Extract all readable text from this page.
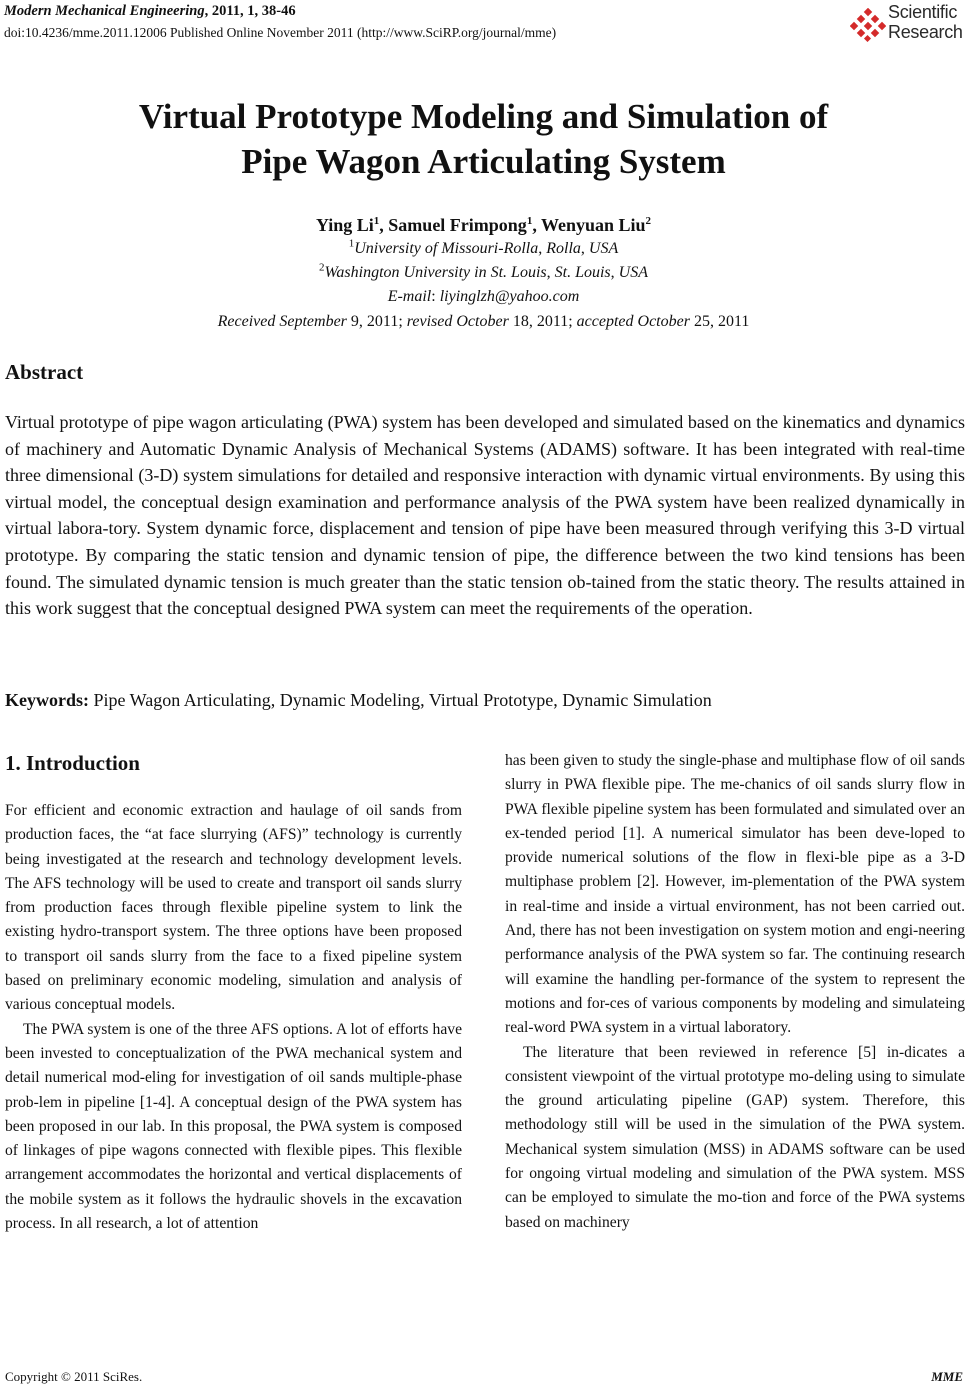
Modern Mechanical Engineering, 2011, 1, 38-46
doi:10.4236/mme.2011.12006 Published Online November 2011 (http://www.SciRP.org/journal/mme)
Scientific
Research
Virtual Prototype Modeling and Simulation of
Pipe Wagon Articulating System
Ying Li$^1$, Samuel Frimpong$^1$, Wenyuan Liu$^2$
$^1$University of Missouri-Rolla, Rolla, USA
$^2$Washington University in St. Louis, St. Louis, USA
E-mail: liyinglzh@yahoo.com
Received September 9, 2011; revised October 18, 2011; accepted October 25, 2011
Abstract
Virtual prototype of pipe wagon articulating (PWA) system has been developed and simulated based on the kinematics and dynamics of machinery and Automatic Dynamic Analysis of Mechanical Systems (ADAMS) software. It has been integrated with real-time three dimensional (3-D) system simulations for detailed and responsive interaction with dynamic virtual environments. By using this virtual model, the conceptual design examination and performance analysis of the PWA system have been realized dynamically in virtual labora-tory. System dynamic force, displacement and tension of pipe have been measured through verifying this 3-D virtual prototype. By comparing the static tension and dynamic tension of pipe, the difference between the two kind tensions has been found. The simulated dynamic tension is much greater than the static tension ob-tained from the static theory. The results attained in this work suggest that the conceptual designed PWA system can meet the requirements of the operation.
Keywords: Pipe Wagon Articulating, Dynamic Modeling, Virtual Prototype, Dynamic Simulation
1. Introduction

For efficient and economic extraction and haulage of oil sands from production faces, the “at face slurrying (AFS)” technology is currently being investigated at the research and technology development levels. The AFS technology will be used to create and transport oil sands slurry from production faces through flexible pipeline system to link the existing hydro-transport system. The three options have been proposed to transport oil sands slurry from the face to a fixed pipeline system based on preliminary economic modeling, simulation and analysis of various conceptual models.

The PWA system is one of the three AFS options. A lot of efforts have been invested to conceptualization of the PWA mechanical system and detail numerical mod-eling for investigation of oil sands multiple-phase prob-lem in pipeline [1-4]. A conceptual design of the PWA system has been proposed in our lab. In this proposal, the PWA system is composed of linkages of pipe wagons connected with flexible pipes. This flexible arrangement accommodates the horizontal and vertical displacements of the mobile system as it follows the hydraulic shovels in the excavation process. In all research, a lot of attention

has been given to study the single-phase and multiphase flow of oil sands slurry in PWA flexible pipe. The me-chanics of oil sands slurry flow in PWA flexible pipeline system has been formulated and simulated over an ex-tended period [1]. A numerical simulator has been deve-loped to provide numerical solutions of the flow in flexi-ble pipe as a 3-D multiphase problem [2]. However, im-plementation of the PWA system in real-time and inside a virtual environment, has not been carried out. And, there has not been investigation on system motion and engi-neering performance analysis of the PWA system so far. The continuing research will examine the handling per-formance of the system to represent the motions and for-ces of various components by modeling and simulateing real-word PWA system in a virtual laboratory.

The literature that been reviewed in reference [5] in-dicates a consistent viewpoint of the virtual prototype mo-deling using to simulate the ground articulating pipeline (GAP) system. Therefore, this methodology still will be used in the simulation of the PWA system. Mechanical system simulation (MSS) in ADAMS software can be used for ongoing virtual modeling and simulation of the PWA system. MSS can be employed to simulate the mo-tion and force of the PWA systems based on machinery

Copyright © 2011 SciRes.	MME
